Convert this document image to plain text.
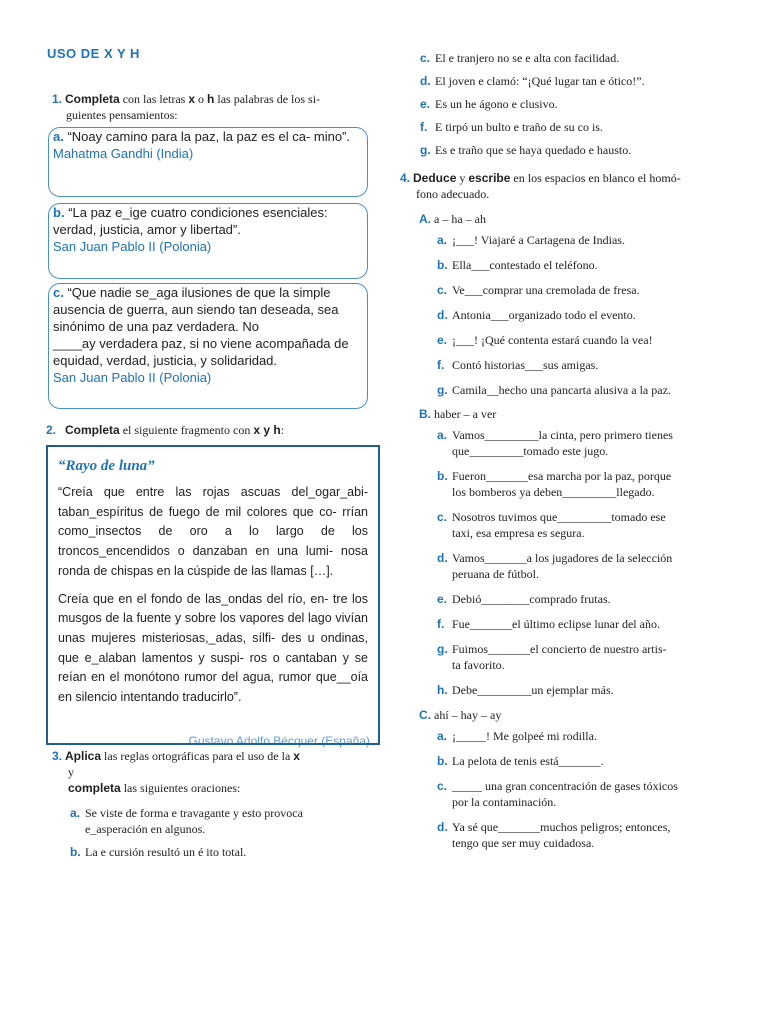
USO DE X Y H
1. Completa con las letras x o h las palabras de los si-
guientes pensamientos:

a. “Noay camino para la paz, la paz es el ca- mino”.

Mahatma Gandhi (India)

b. “La paz e_ige cuatro condiciones esenciales: verdad, justicia, amor y libertad”.

San Juan Pablo II (Polonia)

c. “Que nadie se_aga ilusiones de que la simple
ausencia de guerra, aun siendo tan deseada, sea
sinónimo de una paz verdadera. No
____ay verdadera paz, si no viene acompañada de
equidad, verdad, justicia, y solidaridad.

San Juan Pablo II (Polonia)
2. Completa el siguiente fragmento con x y h:
“Rayo de luna”

“Creía que entre las rojas ascuas del_ogar_abi- taban_espíritus de fuego de mil colores que co- rrían como_insectos de oro a lo largo de los troncos_encendidos o danzaban en una lumi- nosa ronda de chispas en la cúspide de las llamas […].

Creía que en el fondo de las_ondas del río, en- tre los musgos de la fuente y sobre los vapores del lago vivían unas mujeres misteriosas,_adas, sílfi- des u ondinas, que e_alaban lamentos y suspi- ros o cantaban y se reían en el monótono rumor del agua, rumor que__oía en silencio intentando traducirlo”.

Gustavo Adolfo Bécquer (España)
3. Aplica las reglas ortográficas para el uso de la x
y
completa las siguientes oraciones:
a. Se viste de forma e travagante y esto provoca
e_asperación en algunos.
b. La e cursión resultó un é ito total.
c. El e tranjero no se e alta con facilidad.
d. El joven e clamó: “¡Qué lugar tan e ótico!”.
e. Es un he ágono e clusivo.
f. E tirpó un bulto e traño de su co is.
g. Es e traño que se haya quedado e hausto.
4. Deduce y escribe en los espacios en blanco el homó-
fono adecuado.
A. a – ha – ah
a. ¡___! Viajaré a Cartagena de Indias.
b. Ella___contestado el teléfono.
c. Ve___comprar una cremolada de fresa.
d. Antonia___organizado todo el evento.
e. ¡___! ¡Qué contenta estará cuando la vea!
f. Contó historias___sus amigas.
g. Camila__hecho una pancarta alusiva a la paz.
B. haber – a ver
a. Vamos_________la cinta, pero primero tienes
que_________tomado este jugo.
b. Fueron_______esa marcha por la paz, porque
los bomberos ya deben_________llegado.
c. Nosotros tuvimos que_________tomado ese
taxi, esa empresa es segura.
d. Vamos_______a los jugadores de la selección
peruana de fútbol.
e. Debió________comprado frutas.
f. Fue_______el último eclipse lunar del año.
g. Fuimos_______el concierto de nuestro artis-
ta favorito.
h. Debe_________un ejemplar más.
C. ahí – hay – ay
a. ¡_____! Me golpeé mi rodilla.
b. La pelota de tenis está_______.
c. _____ una gran concentración de gases tóxicos
por la contaminación.
d. Ya sé que_______muchos peligros; entonces,
tengo que ser muy cuidadosa.
